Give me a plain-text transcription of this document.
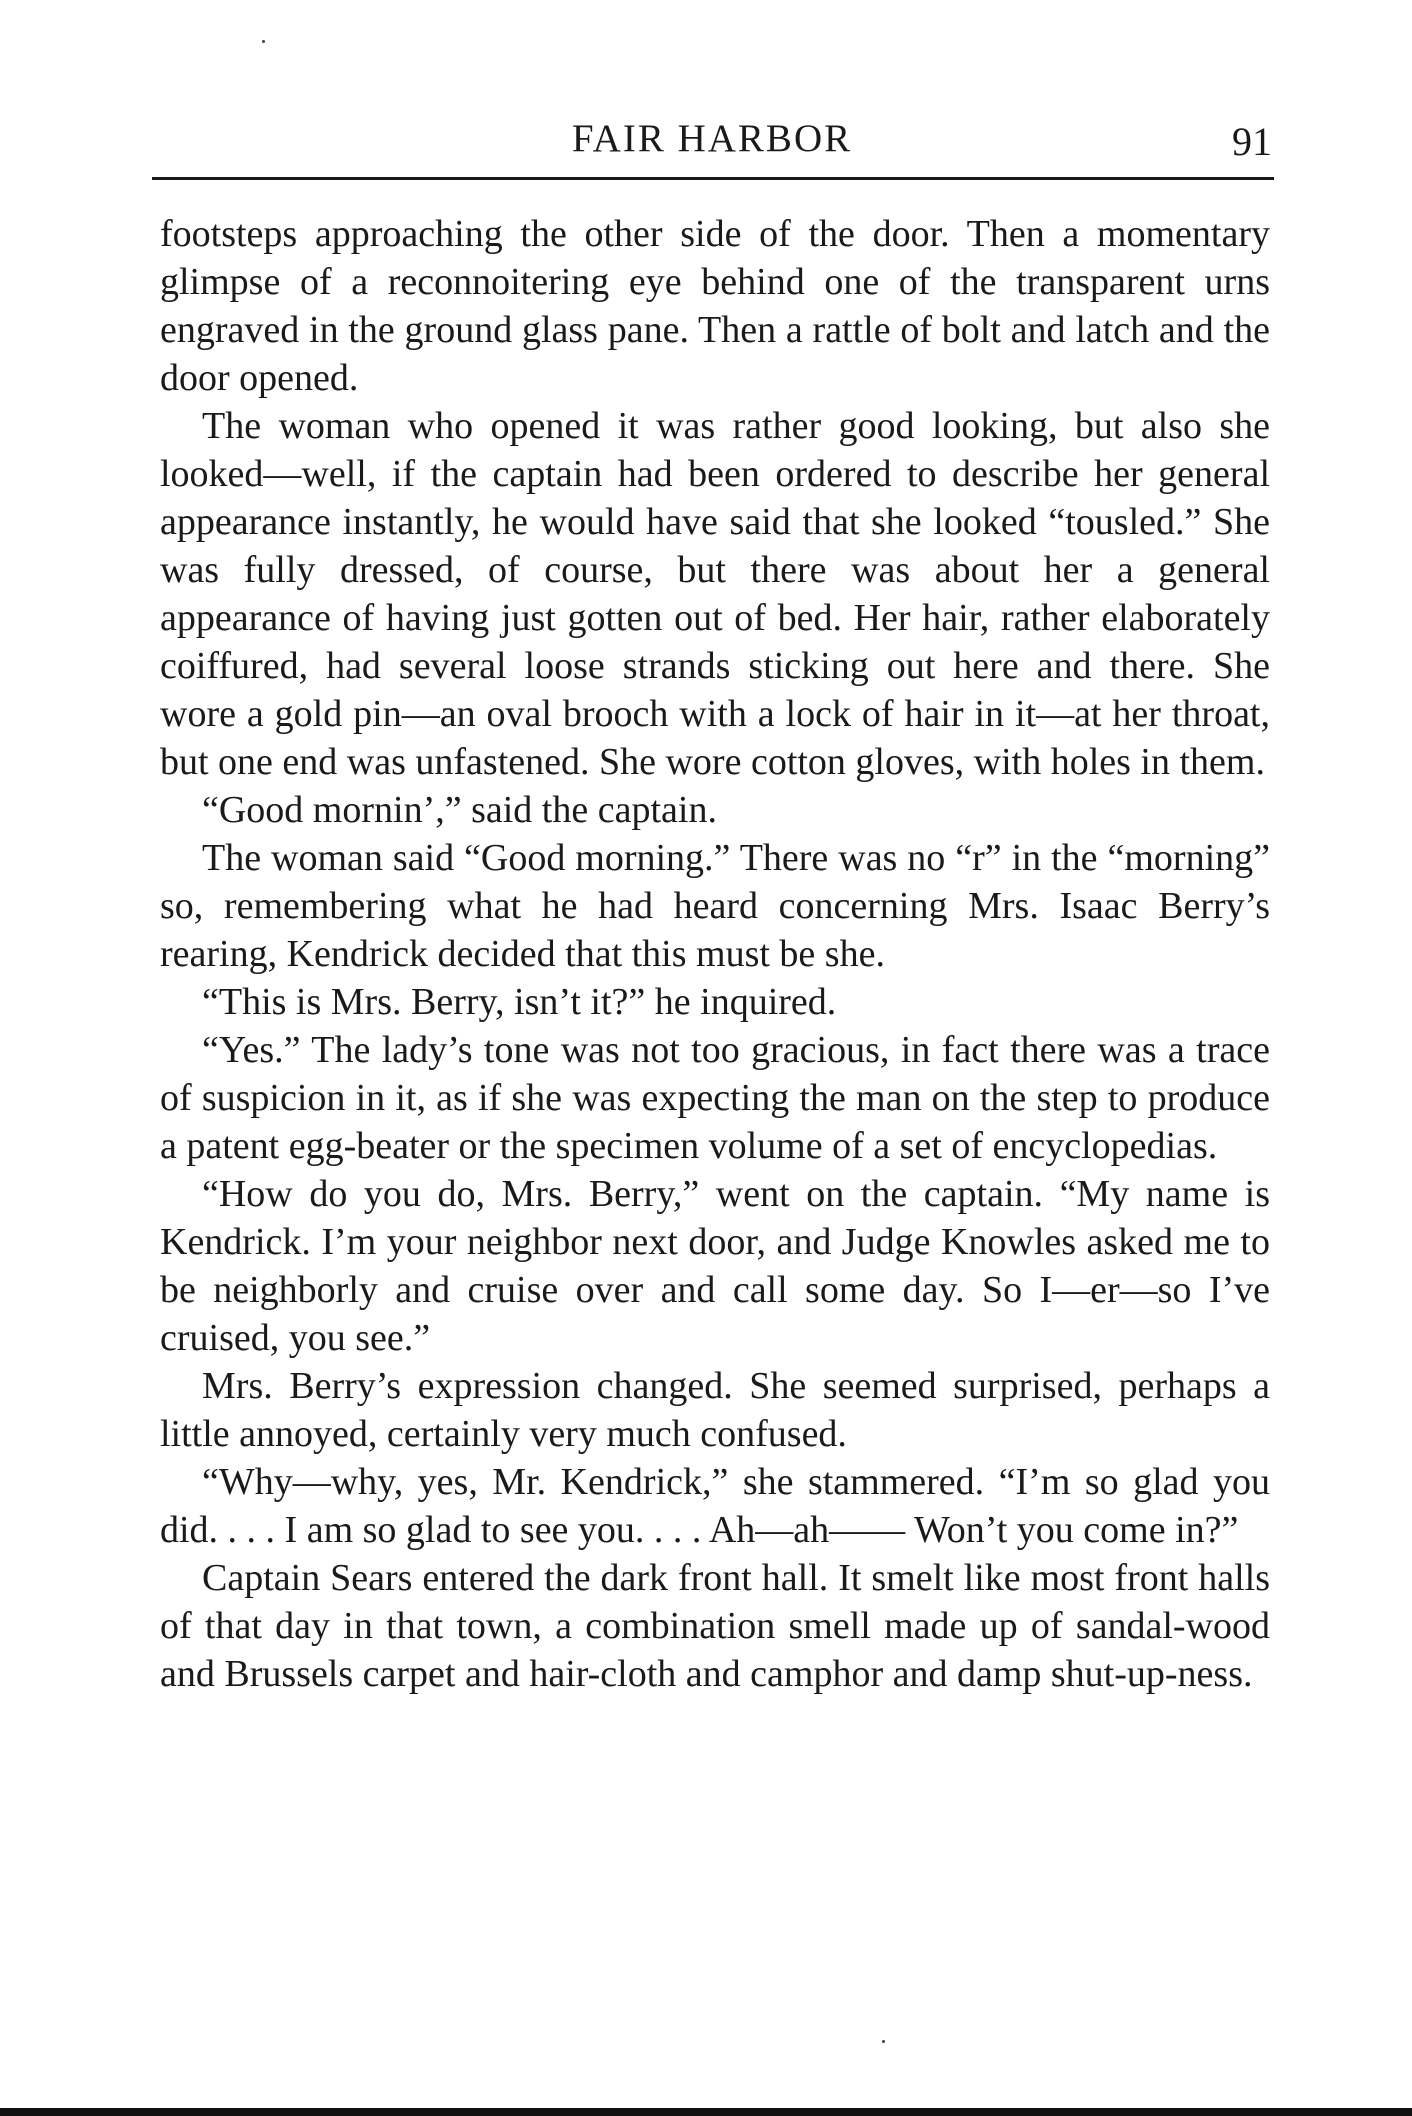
FAIR HARBOR	91

footsteps approaching the other side of the door. Then a momentary glimpse of a reconnoitering eye behind one of the transparent urns engraved in the ground glass pane. Then a rattle of bolt and latch and the door opened.

The woman who opened it was rather good looking, but also she looked—well, if the captain had been ordered to describe her general appearance instantly, he would have said that she looked “tousled.” She was fully dressed, of course, but there was about her a general appearance of having just gotten out of bed. Her hair, rather elaborately coiffured, had several loose strands sticking out here and there. She wore a gold pin—an oval brooch with a lock of hair in it—at her throat, but one end was unfastened. She wore cotton gloves, with holes in them.

“Good mornin’,” said the captain.

The woman said “Good morning.” There was no “r” in the “morning” so, remembering what he had heard concerning Mrs. Isaac Berry’s rearing, Kendrick decided that this must be she.

“This is Mrs. Berry, isn’t it?” he inquired.

“Yes.” The lady’s tone was not too gracious, in fact there was a trace of suspicion in it, as if she was expecting the man on the step to produce a patent egg-beater or the specimen volume of a set of encyclopedias.

“How do you do, Mrs. Berry,” went on the captain. “My name is Kendrick. I’m your neighbor next door, and Judge Knowles asked me to be neighborly and cruise over and call some day. So I—er—so I’ve cruised, you see.”

Mrs. Berry’s expression changed. She seemed surprised, perhaps a little annoyed, certainly very much confused.

“Why—why, yes, Mr. Kendrick,” she stammered. “I’m so glad you did. . . . I am so glad to see you. . . . Ah—ah—— Won’t you come in?”

Captain Sears entered the dark front hall. It smelt like most front halls of that day in that town, a combination smell made up of sandal-wood and Brussels carpet and hair-cloth and camphor and damp shut-up-ness.
